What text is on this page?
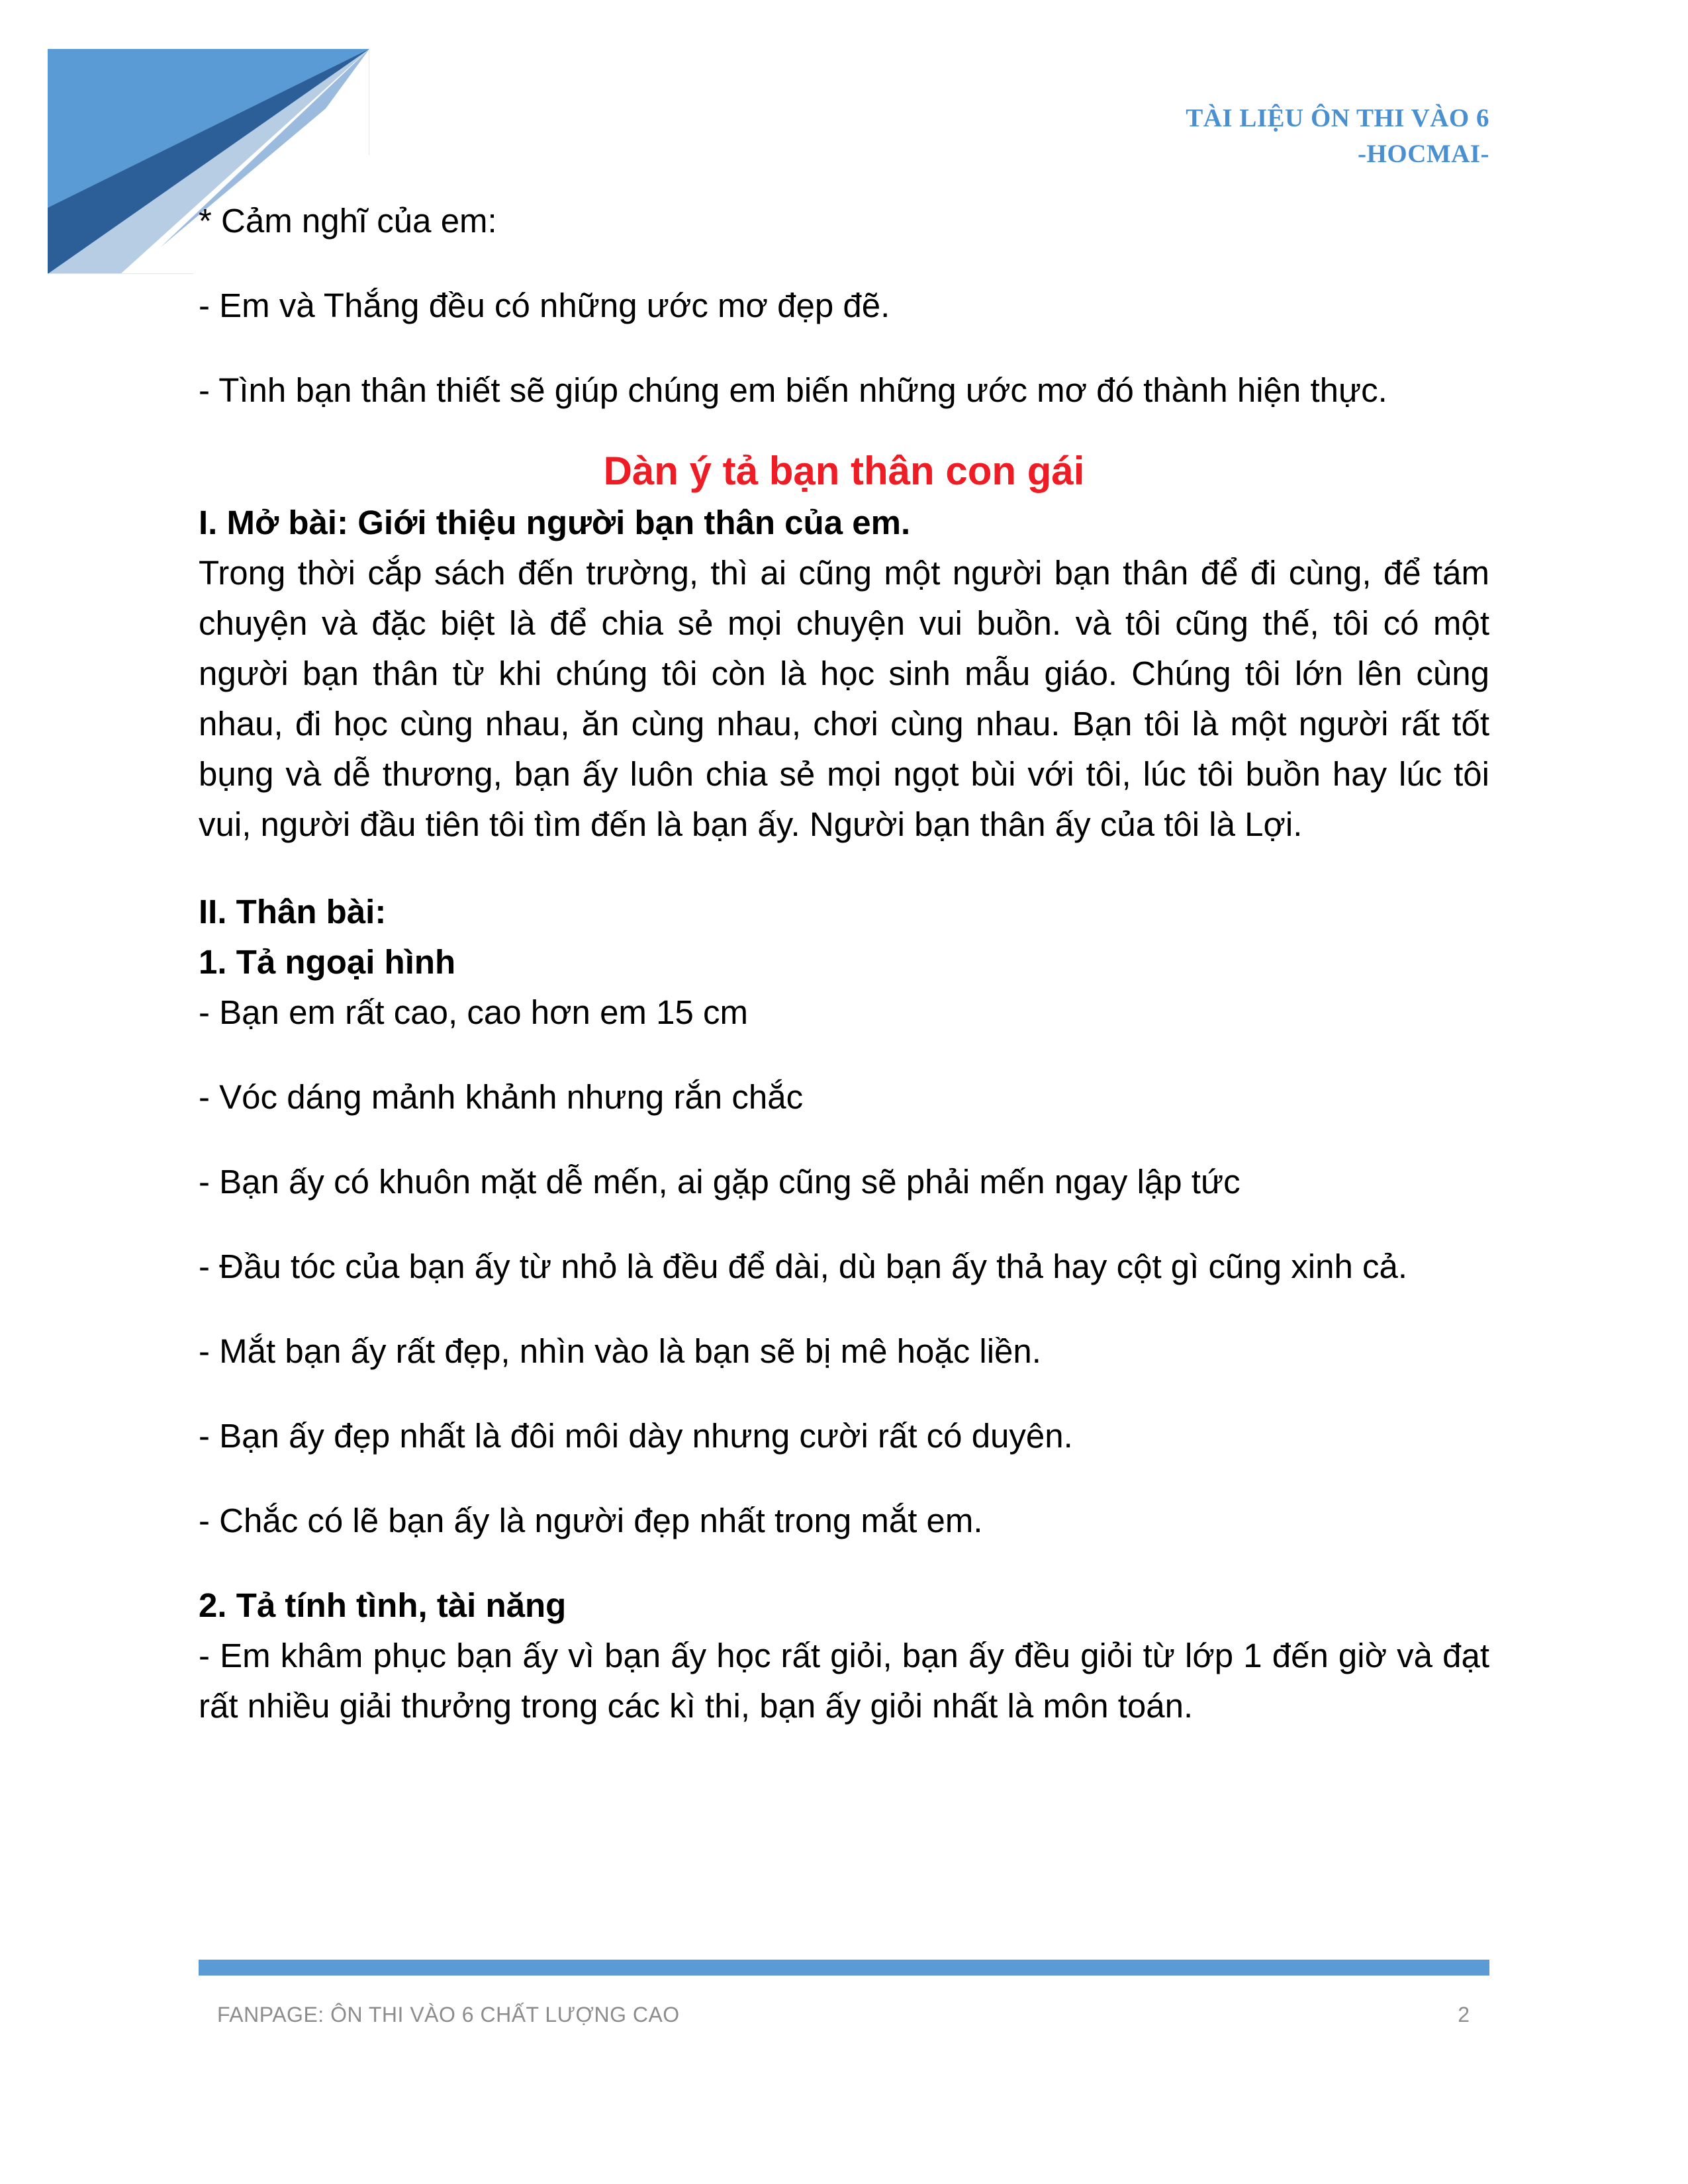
TÀI LIỆU ÔN THI VÀO 6
-HOCMAI-

* Cảm nghĩ của em:

- Em và Thắng đều có những ước mơ đẹp đẽ.

- Tình bạn thân thiết sẽ giúp chúng em biến những ước mơ đó thành hiện thực.

Dàn ý tả bạn thân con gái

I. Mở bài: Giới thiệu người bạn thân của em.

Trong thời cắp sách đến trường, thì ai cũng một người bạn thân để đi cùng, để tám chuyện và đặc biệt là để chia sẻ mọi chuyện vui buồn. và tôi cũng thế, tôi có một người bạn thân từ khi chúng tôi còn là học sinh mẫu giáo. Chúng tôi lớn lên cùng nhau, đi học cùng nhau, ăn cùng nhau, chơi cùng nhau. Bạn tôi là một người rất tốt bụng và dễ thương, bạn ấy luôn chia sẻ mọi ngọt bùi với tôi, lúc tôi buồn hay lúc tôi vui, người đầu tiên tôi tìm đến là bạn ấy. Người bạn thân ấy của tôi là Lợi.

II. Thân bài:

1. Tả ngoại hình

- Bạn em rất cao, cao hơn em 15 cm

- Vóc dáng mảnh khảnh nhưng rắn chắc

- Bạn ấy có khuôn mặt dễ mến, ai gặp cũng sẽ phải mến ngay lập tức

- Đầu tóc của bạn ấy từ nhỏ là đều để dài, dù bạn ấy thả hay cột gì cũng xinh cả.

- Mắt bạn ấy rất đẹp, nhìn vào là bạn sẽ bị mê hoặc liền.

- Bạn ấy đẹp nhất là đôi môi dày nhưng cười rất có duyên.

- Chắc có lẽ bạn ấy là người đẹp nhất trong mắt em.

2. Tả tính tình, tài năng

- Em khâm phục bạn ấy vì bạn ấy học rất giỏi, bạn ấy đều giỏi từ lớp 1 đến giờ và đạt rất nhiều giải thưởng trong các kì thi, bạn ấy giỏi nhất là môn toán.

FANPAGE: ÔN THI VÀO 6 CHẤT LƯỢNG CAO	2
